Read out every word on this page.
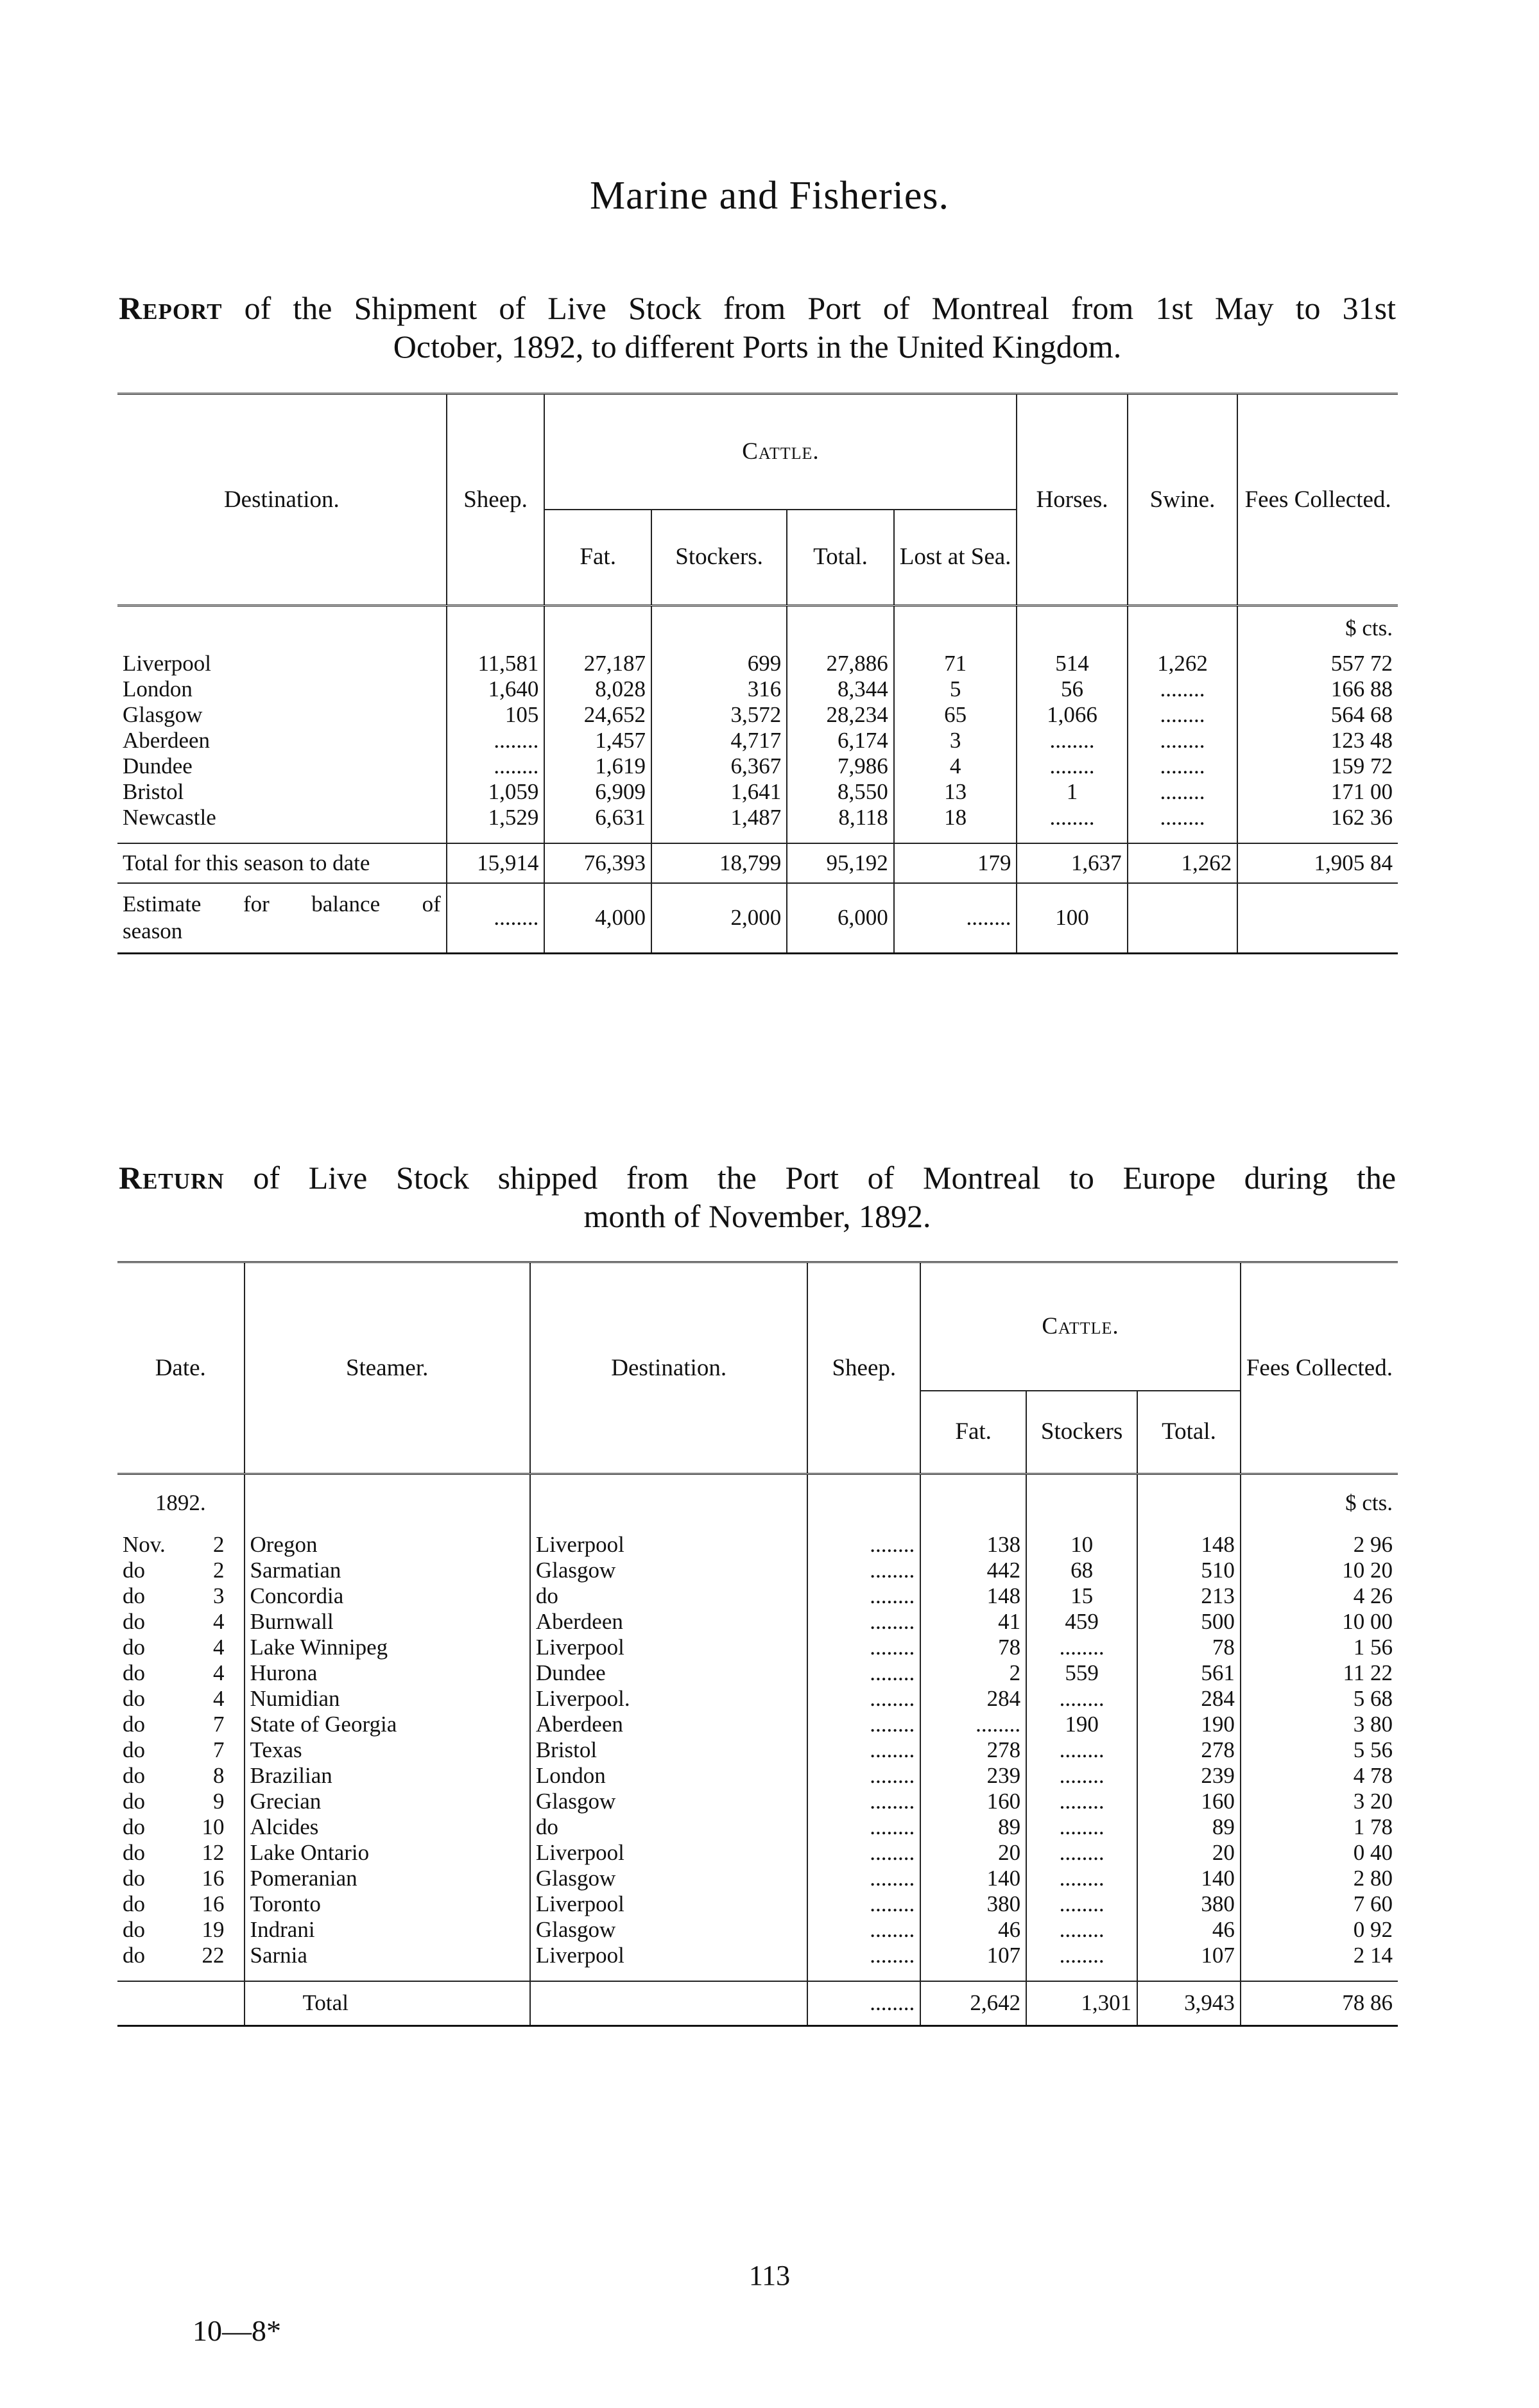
Marine and Fisheries.
Report of the Shipment of Live Stock from Port of Montreal from 1st May to 31st
October, 1892, to different Ports in the United Kingdom.
Destination.	Sheep.	Cattle.				Horses.	Swine.	Fees Collected.
		Fat.	Stockers.	Total.	Lost at Sea.			
								$ cts.
Liverpool	11,581	27,187	699	27,886	71	514	1,262	557 72
London	1,640	8,028	316	8,344	5	56	........	166 88
Glasgow	105	24,652	3,572	28,234	65	1,066	........	564 68
Aberdeen	........	1,457	4,717	6,174	3	........	........	123 48
Dundee	........	1,619	6,367	7,986	4	........	........	159 72
Bristol	1,059	6,909	1,641	8,550	13	1	........	171 00
Newcastle	1,529	6,631	1,487	8,118	18	........	........	162 36

Total for this season to date	15,914	76,393	18,799	95,192	179	1,637	1,262	1,905 84

Estimate for balance of
season	........	4,000	2,000	6,000	........	100		
Return of Live Stock shipped from the Port of Montreal to Europe during the
month of November, 1892.
Date.	Steamer.	Destination.	Sheep.	Cattle.			Fees Collected.
				Fat.	Stockers	Total.	
1892.							$ cts.
Nov. 2	Oregon	Liverpool	........	138	10	148	2 96
do 2	Sarmatian	Glasgow	........	442	68	510	10 20
do 3	Concordia	do	........	148	15	213	4 26
do 4	Burnwall	Aberdeen	........	41	459	500	10 00
do 4	Lake Winnipeg	Liverpool	........	78	........	78	1 56
do 4	Hurona	Dundee	........	2	559	561	11 22
do 4	Numidian	Liverpool.	........	284	........	284	5 68
do 7	State of Georgia	Aberdeen	........	........	190	190	3 80
do 7	Texas	Bristol	........	278	........	278	5 56
do 8	Brazilian	London	........	239	........	239	4 78
do 9	Grecian	Glasgow	........	160	........	160	3 20
do 10	Alcides	do	........	89	........	89	1 78
do 12	Lake Ontario	Liverpool	........	20	........	20	0 40
do 16	Pomeranian	Glasgow	........	140	........	140	2 80
do 16	Toronto	Liverpool	........	380	........	380	7 60
do 19	Indrani	Glasgow	........	46	........	46	0 92
do 22	Sarnia	Liverpool	........	107	........	107	2 14

	Total		........	2,642	1,301	3,943	78 86
113
10—8*
